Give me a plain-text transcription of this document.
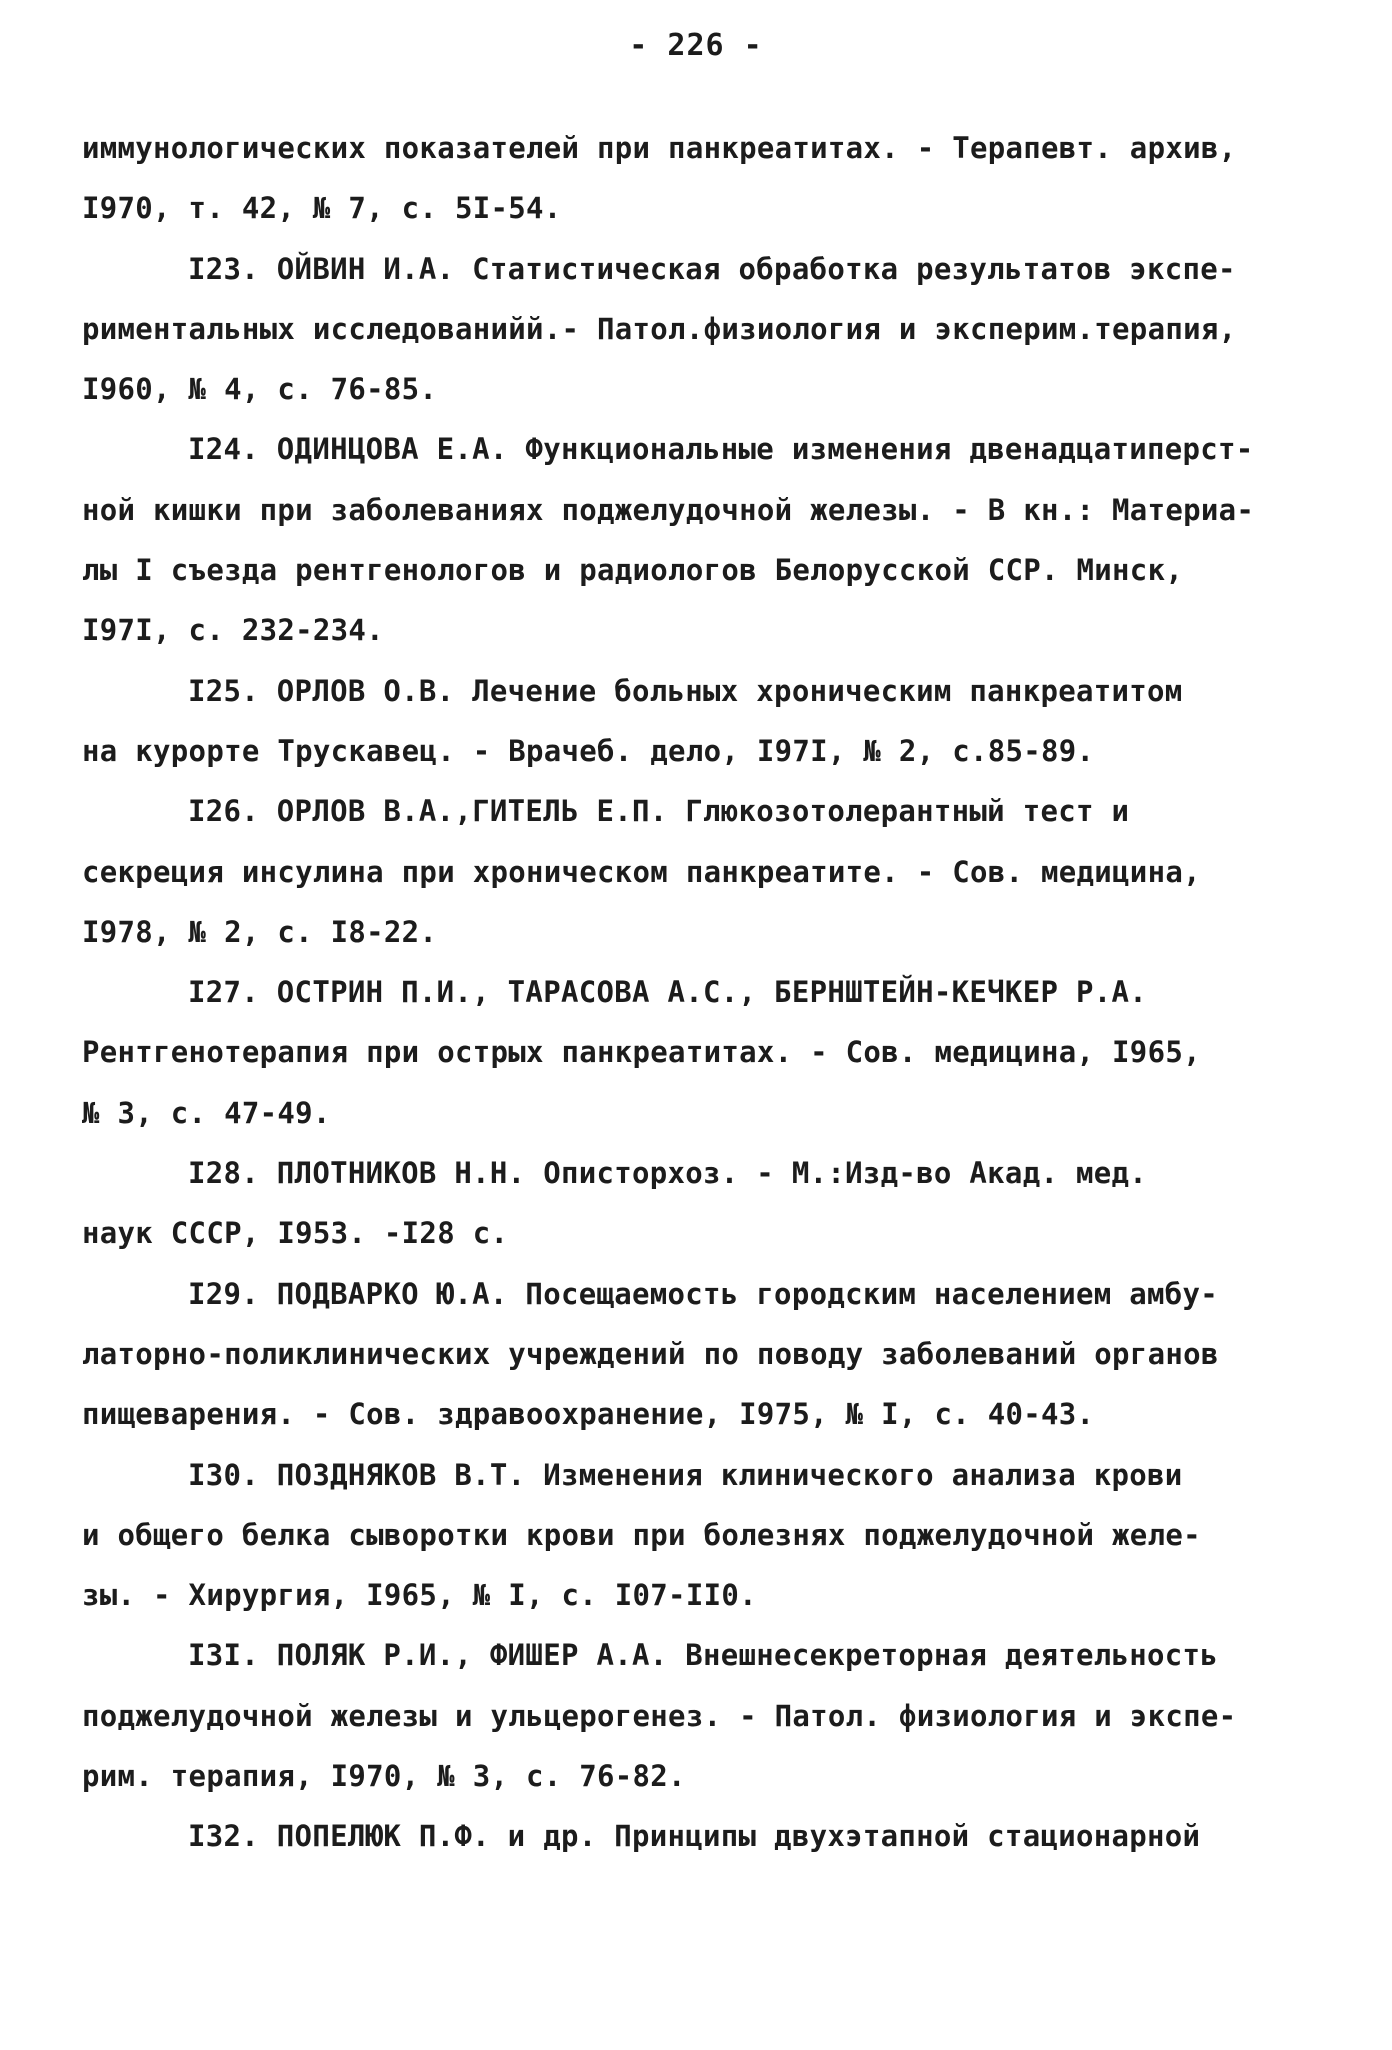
- 226 -
иммунологических показателей при панкреатитах. - Терапевт. архив,
I970, т. 42, № 7, с. 5I-54.
I23. ОЙВИН И.А. Статистическая обработка результатов экспе-
риментальных исследованийй.- Патол.физиология и эксперим.терапия,
I960, № 4, с. 76-85.
I24. ОДИНЦОВА Е.А. Функциональные изменения двенадцатиперст-
ной кишки при заболеваниях поджелудочной железы. - В кн.: Материа-
лы I съезда рентгенологов и радиологов Белорусской ССР. Минск,
I97I, с. 232-234.
I25. ОРЛОВ О.В. Лечение больных хроническим панкреатитом
на курорте Трускавец. - Врачеб. дело, I97I, № 2, с.85-89.
I26. ОРЛОВ В.А.,ГИТЕЛЬ Е.П. Глюкозотолерантный тест и
секреция инсулина при хроническом панкреатите. - Сов. медицина,
I978, № 2, с. I8-22.
I27. ОСТРИН П.И., ТАРАСОВА А.С., БЕРНШТЕЙН-КЕЧКЕР Р.А.
Рентгенотерапия при острых панкреатитах. - Сов. медицина, I965,
№ 3, с. 47-49.
I28. ПЛОТНИКОВ Н.Н. Описторхоз. - М.:Изд-во Акад. мед.
наук СССР, I953. -I28 с.
I29. ПОДВАРКО Ю.А. Посещаемость городским населением амбу-
латорно-поликлинических учреждений по поводу заболеваний органов
пищеварения. - Сов. здравоохранение, I975, № I, с. 40-43.
I30. ПОЗДНЯКОВ В.Т. Изменения клинического анализа крови
и общего белка сыворотки крови при болезнях поджелудочной желе-
зы. - Хирургия, I965, № I, с. I07-II0.
I3I. ПОЛЯК Р.И., ФИШЕР А.А. Внешнесекреторная деятельность
поджелудочной железы и ульцерогенез. - Патол. физиология и экспе-
рим. терапия, I970, № 3, с. 76-82.
I32. ПОПЕЛЮК П.Ф. и др. Принципы двухэтапной стационарной
